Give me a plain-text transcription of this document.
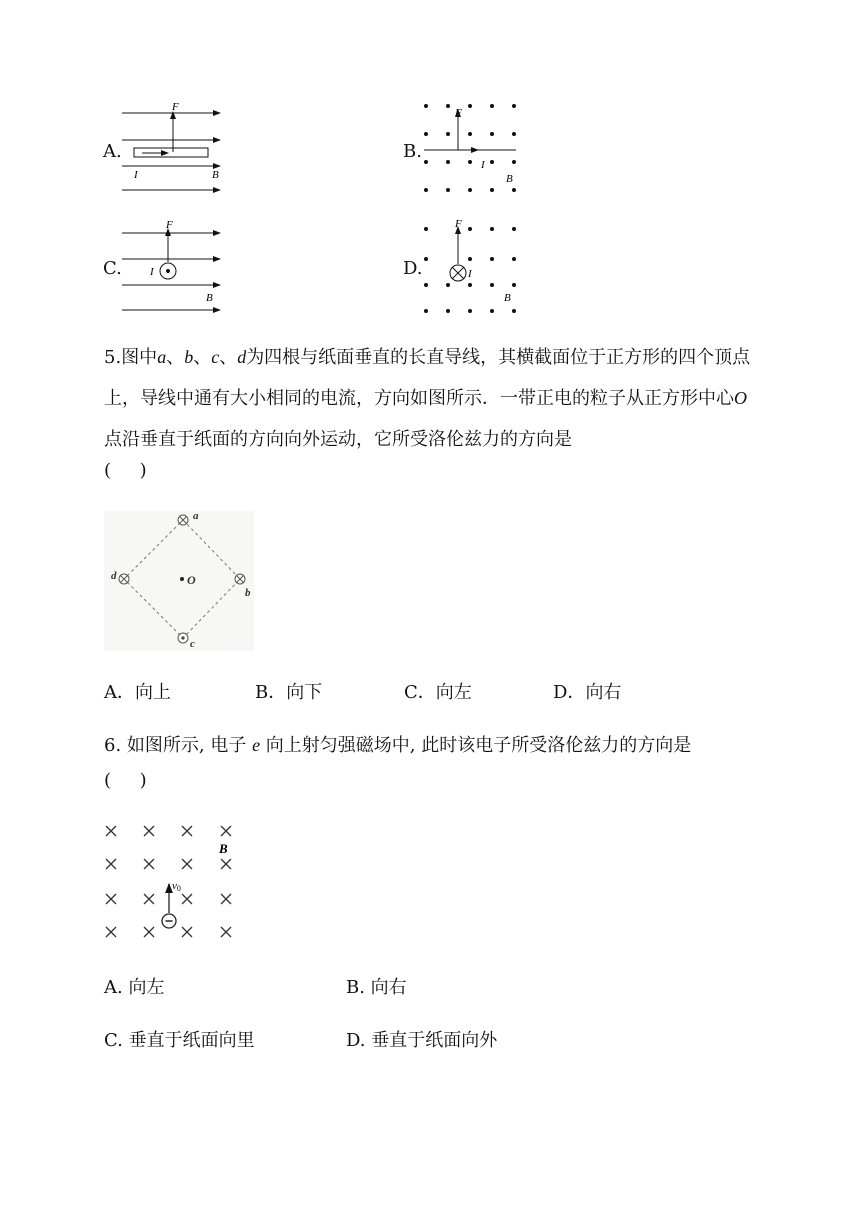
A.
F
I	B
B.
F
I
B
C.
F
I
B
D.
F
I
B
5.图中a、b、c、d为四根与纸面垂直的长直导线，其横截面位于正方形的四个顶点上，导线中通有大小相同的电流，方向如图所示．一带正电的粒子从正方形中心O点沿垂直于纸面的方向向外运动，它所受洛伦兹力的方向是
(     )
a
b
c
d	O
A．向上	B．向下	C．向左	D．向右
6. 如图所示, 电子 e 向上射匀强磁场中, 此时该电子所受洛伦兹力的方向是
(     )
v0
B
A. 向左	B. 向右
C. 垂直于纸面向里	D. 垂直于纸面向外
